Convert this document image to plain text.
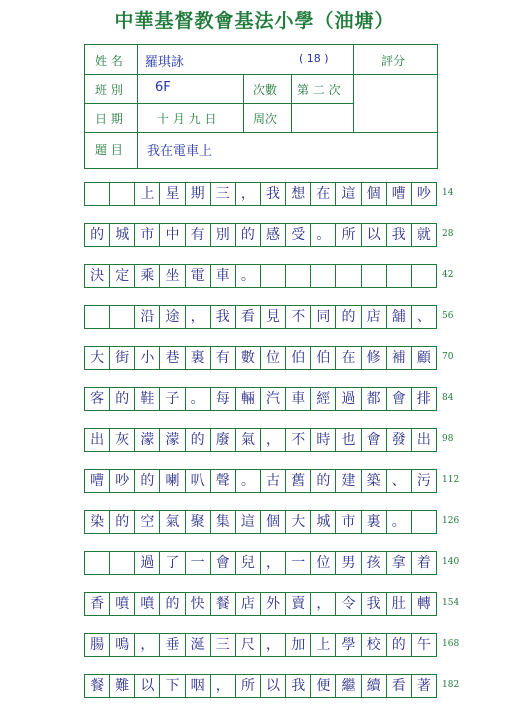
中華基督教會基法小學（油塘）
姓 名 羅琪詠	( 18 )	評分
班 別 6F	次數 第 二 次
日 期	十 月 九 日	周次
題 目 我在電車上
上 星 期 三 ， 我 想 在 這 個 嘈 吵	14
的 城 市 中 有 別 的 感 受 。 所 以 我 就	28
決 定 乘 坐 電 車 。	42
沿 途 ， 我 看 見 不 同 的 店 舖 、	56
大 街 小 巷 裏 有 數 位 伯 伯 在 修 補 顧	70
客 的 鞋 子 。 每 輛 汽 車 經 過 都 會 排	84
出 灰 濛 濛 的 廢 氣 ， 不 時 也 會 發 出	98
嘈 吵 的 喇 叭 聲 。 古 舊 的 建 築 、 污	112
染 的 空 氣 聚 集 這 個 大 城 市 裏 。	126
過 了 一 會 兒 ， 一 位 男 孩 拿 着	140
香 噴 噴 的 快 餐 店 外 賣 ， 令 我 肚 轉	154
腸 鳴 ， 垂 涎 三 尺 ， 加 上 學 校 的 午	168
餐 難 以 下 咽 ， 所 以 我 便 繼 續 看 著	182
